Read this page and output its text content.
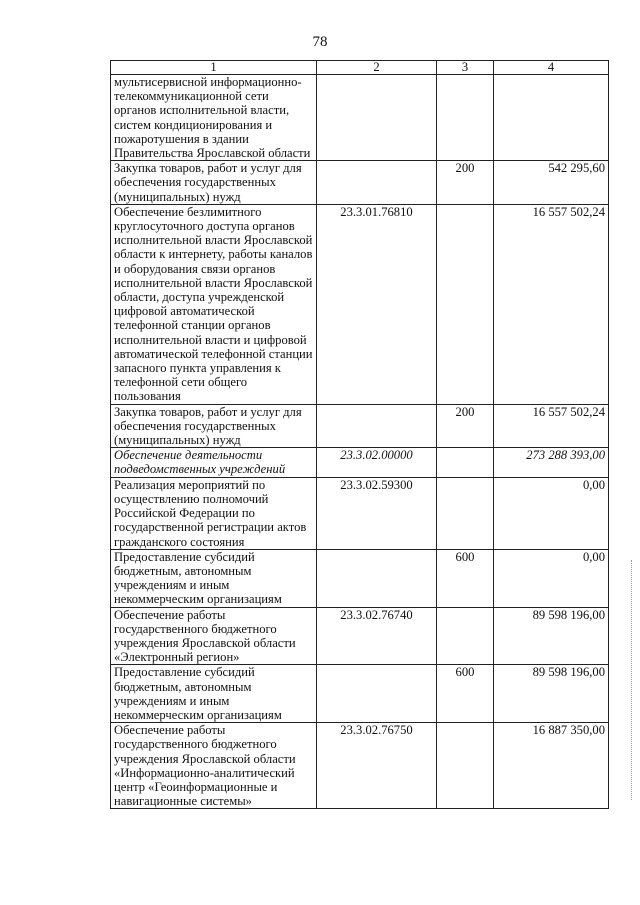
78
1	2	3	4
мультисервисной информационно-телекоммуникационной сети органов исполнительной власти, систем кондиционирования и пожаротушения в здании Правительства Ярославской области			
Закупка товаров, работ и услуг для обеспечения государственных (муниципальных) нужд		200	542 295,60
Обеспечение безлимитного круглосуточного доступа органов исполнительной власти Ярославской области к интернету, работы каналов и оборудования связи органов исполнительной власти Ярославской области, доступа учрежденской цифровой автоматической телефонной станции органов исполнительной власти и цифровой автоматической телефонной станции запасного пункта управления к телефонной сети общего пользования	23.3.01.76810		16 557 502,24
Закупка товаров, работ и услуг для обеспечения государственных (муниципальных) нужд		200	16 557 502,24
Обеспечение деятельности подведомственных учреждений	23.3.02.00000		273 288 393,00
Реализация мероприятий по осуществлению полномочий Российской Федерации по государственной регистрации актов гражданского состояния	23.3.02.59300		0,00
Предоставление субсидий бюджетным, автономным учреждениям и иным некоммерческим организациям		600	0,00
Обеспечение работы государственного бюджетного учреждения Ярославской области «Электронный регион»	23.3.02.76740		89 598 196,00
Предоставление субсидий бюджетным, автономным учреждениям и иным некоммерческим организациям		600	89 598 196,00
Обеспечение работы государственного бюджетного учреждения Ярославской области «Информационно-аналитический центр «Геоинформационные и навигационные системы»	23.3.02.76750		16 887 350,00
